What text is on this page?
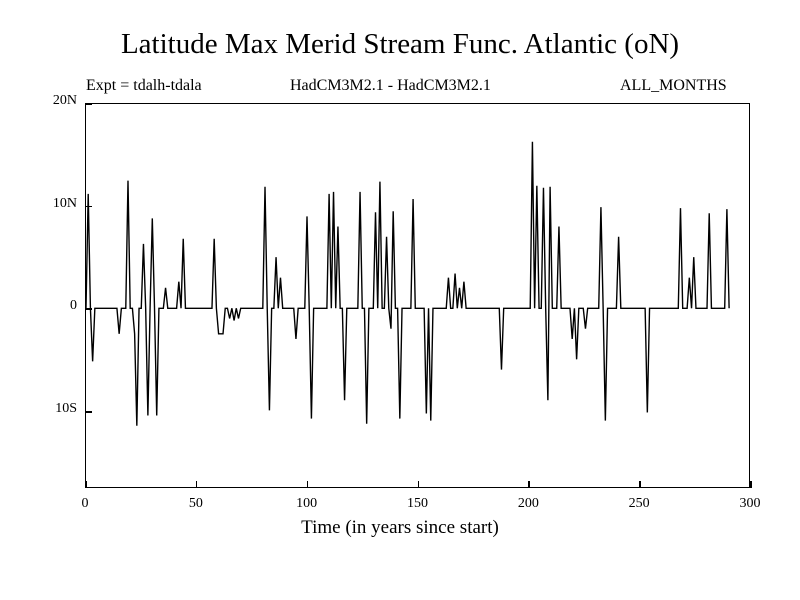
Latitude Max Merid Stream Func. Atlantic (oN)
Expt = tdalh-tdala	HadCM3M2.1 - HadCM3M2.1	ALL_MONTHS
20N
10N
0
10S
0	50	100	150	200	250	300
Time (in years since start)
